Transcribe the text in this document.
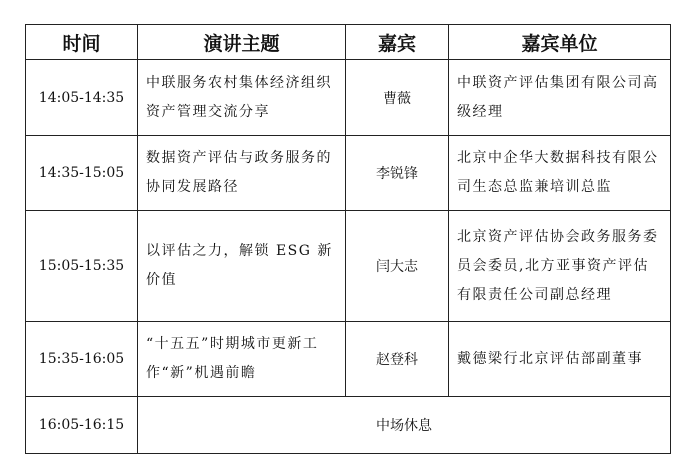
时间	演讲主题	嘉宾	嘉宾单位
14:05-14:35	中联服务农村集体经济组织资产管理交流分享	曹薇	中联资产评估集团有限公司高级经理
14:35-15:05	数据资产评估与政务服务的协同发展路径	李锐锋	北京中企华大数据科技有限公司生态总监兼培训总监
15:05-15:35	以评估之力，解锁 ESG 新价值	闫大志	北京资产评估协会政务服务委员会委员,北方亚事资产评估有限责任公司副总经理
15:35-16:05	“十五五”时期城市更新工作“新”机遇前瞻	赵登科	戴德梁行北京评估部副董事
16:05-16:15	中场休息		
